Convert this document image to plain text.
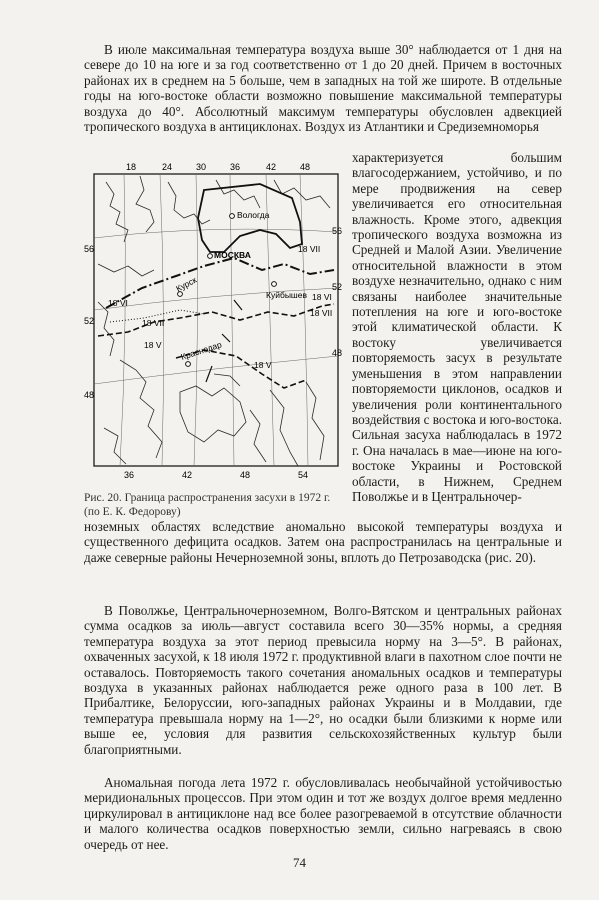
В июле максимальная температура воздуха выше 30° наблюдается от 1 дня на севере до 10 на юге и за год соответственно от 1 до 20 дней. Причем в восточных районах их в среднем на 5 больше, чем в западных на той же широте. В отдельные годы на юго-востоке области возможно повышение максимальной температуры воздуха до 40°. Абсолютный максимум температуры обусловлен адвекцией тропического воздуха в антициклонах. Воздух из Атлантики и Средиземноморья

18	24	30	36	42	48
36	42	48	54
56
52
48
56
52
48
Вологда
МОСКВА
Куйбышев
Курск
Краснодар
18 VII
18 VI
18 VII
18 VI
18 V
18 VII
18 V

характеризуется большим влагосодержанием, устойчиво, и по мере продвижения на север увеличивается его относительная влажность. Кроме этого, адвекция тропического воздуха возможна из Средней и Малой Азии. Увеличение относительной влажности в этом воздухе незначительно, однако с ним связаны наиболее значительные потепления на юге и юго-востоке этой климатической области. К востоку увеличивается повторяемость засух в результате уменьшения в этом направлении повторяемости циклонов, осадков и увеличения роли континентального воздействия с востока и юго-востока. Сильная засуха наблюдалась в 1972 г. Она началась в мае—июне на юго-востоке Украины и Ростовской области, в Нижнем, Среднем Поволжье и в Центральночер-

Рис. 20. Граница распространения засухи в 1972 г. (по Е. К. Федорову)

ноземных областях вследствие аномально высокой температуры воздуха и существенного дефицита осадков. Затем она распространилась на центральные и даже северные районы Нечерноземной зоны, вплоть до Петрозаводска (рис. 20).

В Поволжье, Центральночерноземном, Волго-Вятском и центральных районах сумма осадков за июль—август составила всего 30—35% нормы, а средняя температура воздуха за этот период превысила норму на 3—5°. В районах, охваченных засухой, к 18 июля 1972 г. продуктивной влаги в пахотном слое почти не оставалось. Повторяемость такого сочетания аномальных осадков и температуры воздуха в указанных районах наблюдается реже одного раза в 100 лет. В Прибалтике, Белоруссии, юго-западных районах Украины и в Молдавии, где температура превышала норму на 1—2°, но осадки были близкими к норме или выше ее, условия для развития сельскохозяйственных культур были благоприятными.

Аномальная погода лета 1972 г. обусловливалась необычайной устойчивостью меридиональных процессов. При этом один и тот же воздух долгое время медленно циркулировал в антициклоне над все более разогреваемой в отсутствие облачности и малого количества осадков поверхностью земли, сильно нагреваясь в свою очередь от нее.

74
